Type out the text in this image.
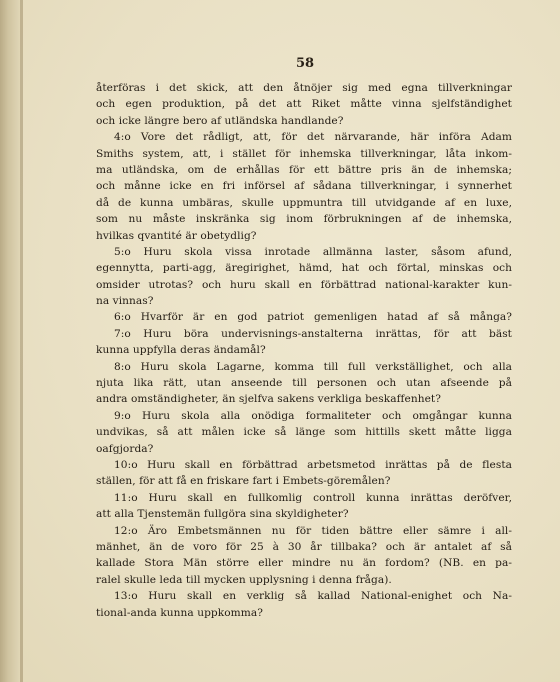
58
återföras i det skick, att den åtnöjer sig med egna tillverkningar
och egen produktion, på det att Riket måtte vinna sjelfständighet
och icke längre bero af utländska handlande?
4:o Vore det rådligt, att, för det närvarande, här införa Adam
Smiths system, att, i stället för inhemska tillverkningar, låta inkom-
ma utländska, om de erhållas för ett bättre pris än de inhemska;
och månne icke en fri införsel af sådana tillverkningar, i synnerhet
då de kunna umbäras, skulle uppmuntra till utvidgande af en luxe,
som nu måste inskränka sig inom förbrukningen af de inhemska,
hvilkas qvantité är obetydlig?
5:o Huru skola vissa inrotade allmänna laster, såsom afund,
egennytta, parti-agg, äregirighet, hämd, hat och förtal, minskas och
omsider utrotas? och huru skall en förbättrad national-karakter kun-
na vinnas?
6:o Hvarför är en god patriot gemenligen hatad af så många?
7:o Huru böra undervisnings-anstalterna inrättas, för att bäst
kunna uppfylla deras ändamål?
8:o Huru skola Lagarne, komma till full verkställighet, och alla
njuta lika rätt, utan anseende till personen och utan afseende på
andra omständigheter, än sjelfva sakens verkliga beskaffenhet?
9:o Huru skola alla onödiga formaliteter och omgångar kunna
undvikas, så att målen icke så länge som hittills skett måtte ligga
oafgjorda?
10:o Huru skall en förbättrad arbetsmetod inrättas på de flesta
ställen, för att få en friskare fart i Embets-göremålen?
11:o Huru skall en fullkomlig controll kunna inrättas deröfver,
att alla Tjenstemän fullgöra sina skyldigheter?
12:o Äro Embetsmännen nu för tiden bättre eller sämre i all-
mänhet, än de voro för 25 à 30 år tillbaka? och är antalet af så
kallade Stora Män större eller mindre nu än fordom? (NB. en pa-
ralel skulle leda till mycken upplysning i denna fråga).
13:o Huru skall en verklig så kallad National-enighet och Na-
tional-anda kunna uppkomma?
